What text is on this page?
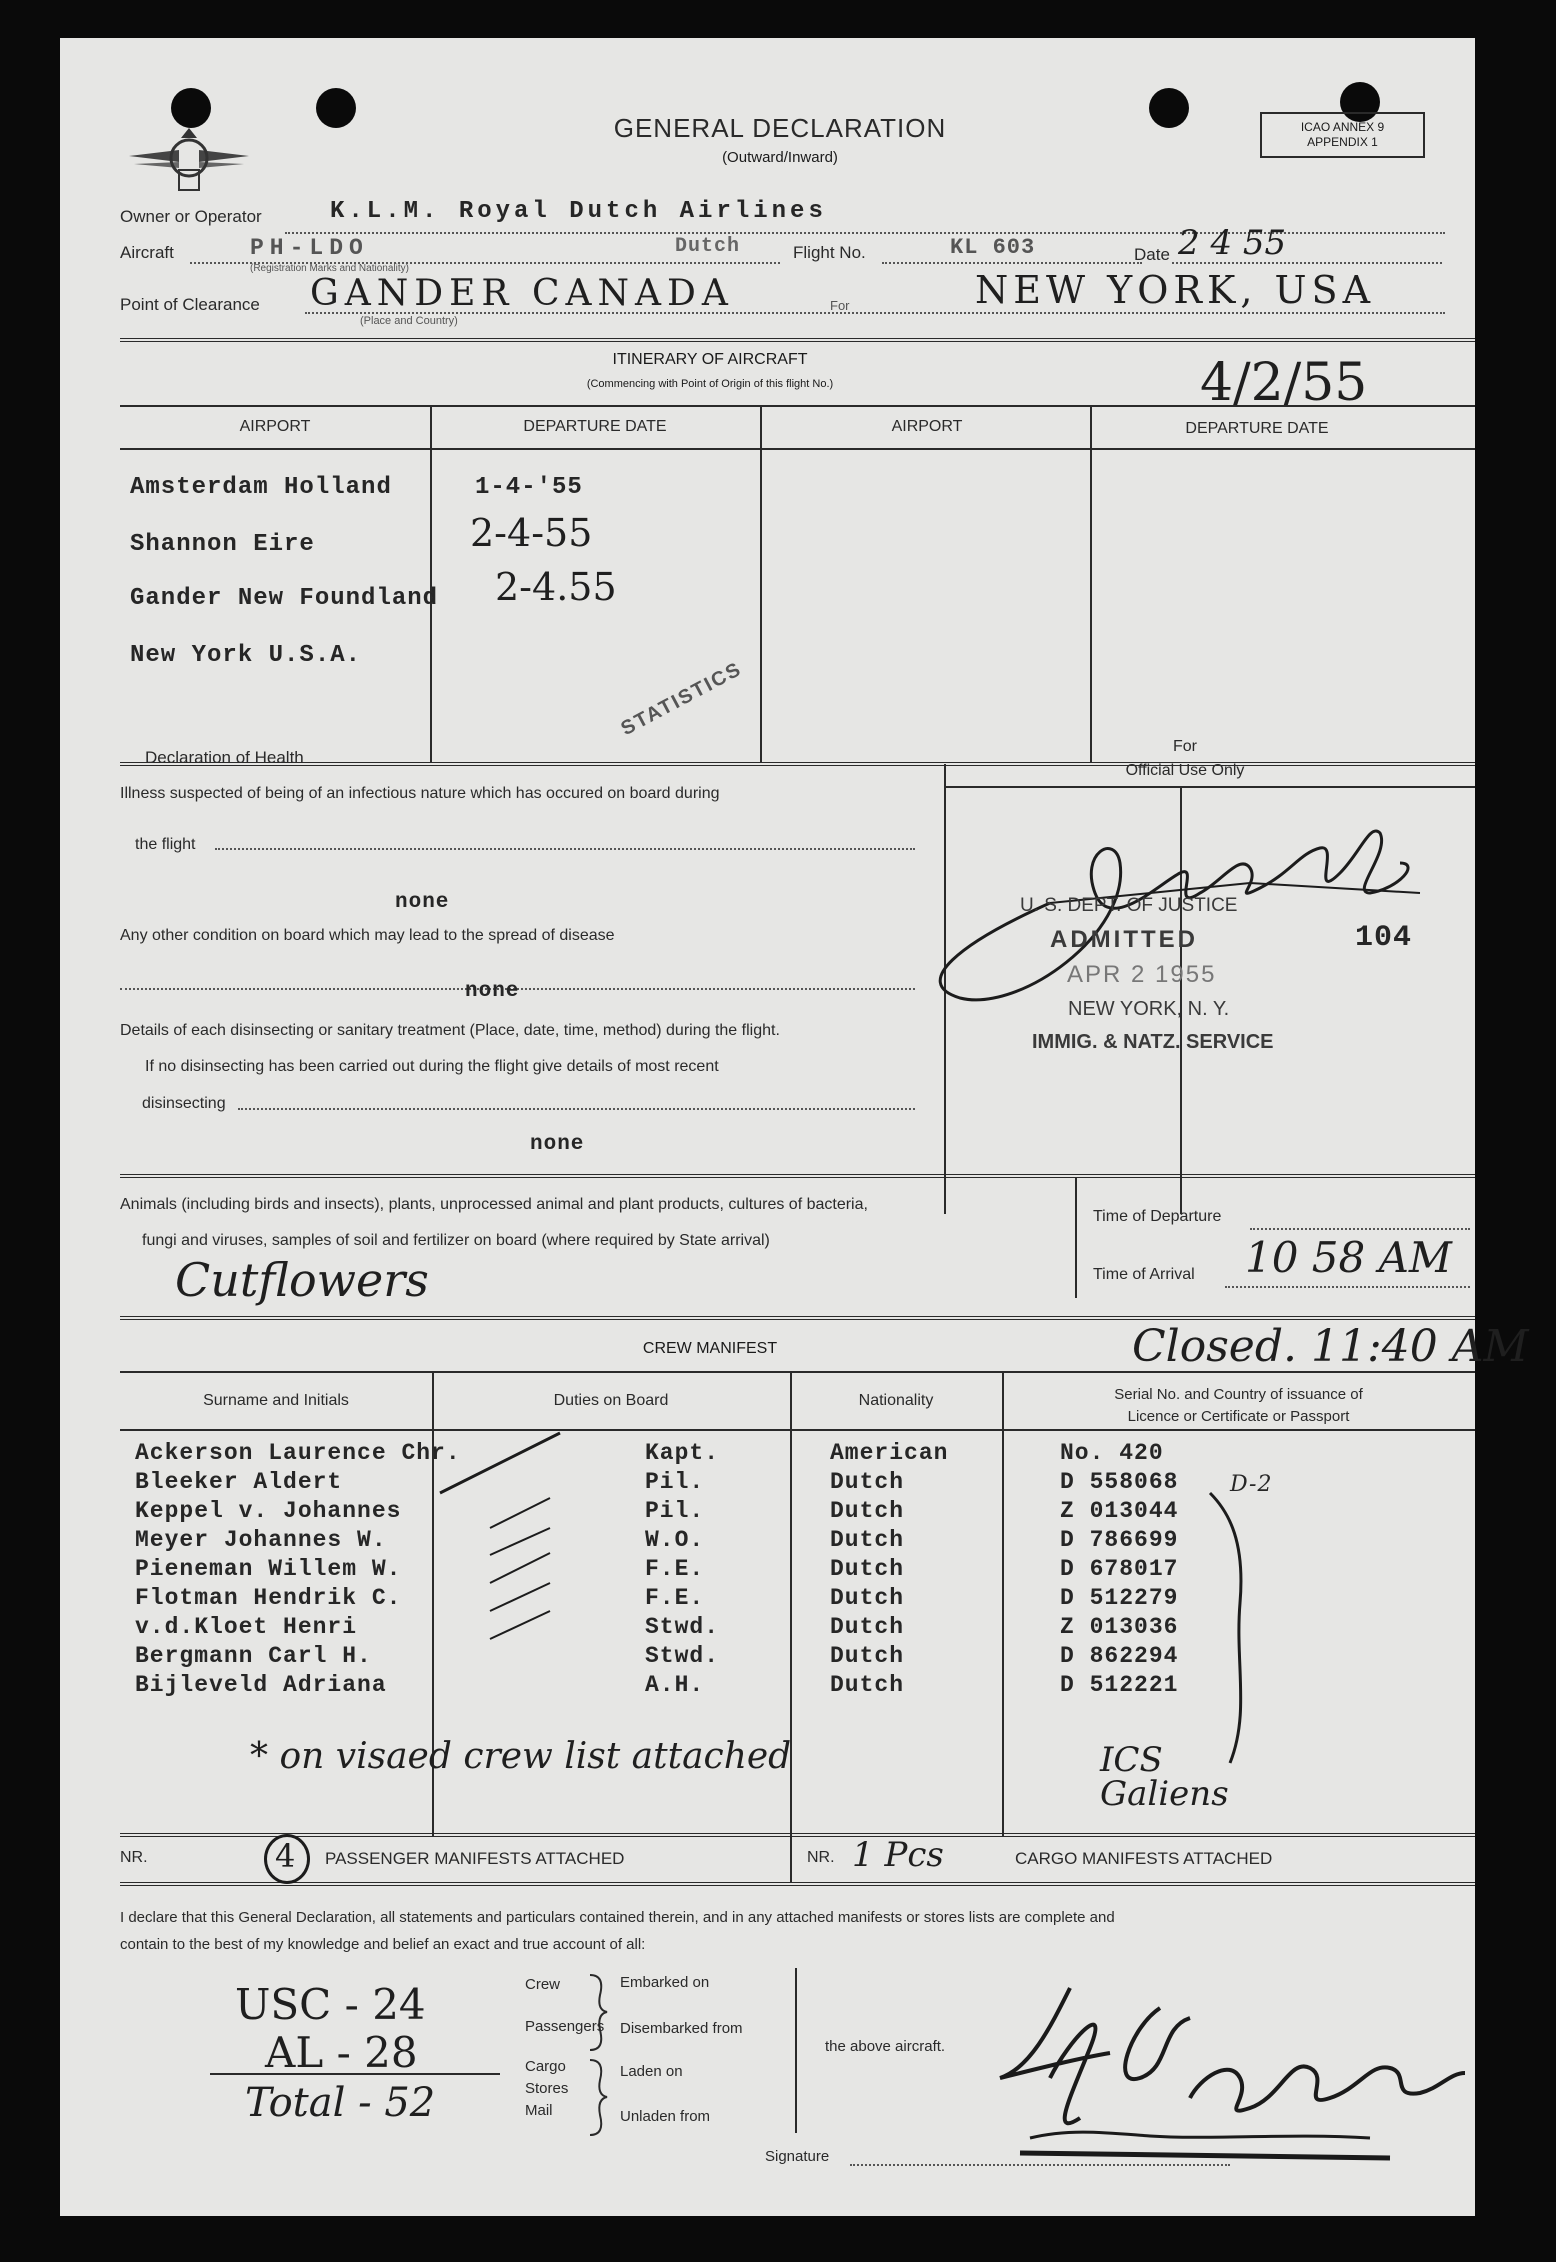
GENERAL DECLARATION
(Outward/Inward)
ICAO ANNEX 9
APPENDIX 1
Owner or Operator	K.L.M. Royal Dutch Airlines
Aircraft	PH-LDO	Dutch
(Registration Marks and Nationality)
Flight No.	KL 603	Date 2 4 55
Point of Clearance GANDER CANADA
(Place and Country)
For	NEW YORK, USA
ITINERARY OF AIRCRAFT
(Commencing with Point of Origin of this flight No.)	4/2/55
AIRPORT	DEPARTURE DATE	AIRPORT	DEPARTURE DATE
Amsterdam Holland	1-4-'55
Shannon Eire	2-4-55
Gander New Foundland 2-4.55
New York U.S.A.
STATISTICS
Declaration of Health
Illness suspected of being of an infectious nature which has occured on board during
the flight
none
Any other condition on board which may lead to the spread of disease
none
Details of each disinsecting or sanitary treatment (Place, date, time, method) during the flight.
If no disinsecting has been carried out during the flight give details of most recent
disinsecting
none
For
Official Use Only
U. S. DEPT. OF JUSTICE
ADMITTED
APR 2 1955
NEW YORK, N. Y.
IMMIG. & NATZ. SERVICE
104
Animals (including birds and insects), plants, unprocessed animal and plant products, cultures of bacteria,
fungi and viruses, samples of soil and fertilizer on board (where required by State arrival)
Cutflowers
Time of Departure
Time of Arrival 10 58 AM
CREW MANIFEST	Closed. 11:40 AM
Surname and Initials	Duties on Board	Nationality	Serial No. and Country of issuance of
Licence or Certificate or Passport
Ackerson Laurence Chr.	Kapt.	American	No. 420
Bleeker Aldert	Pil.	Dutch	D 558068
Keppel v. Johannes	Pil.	Dutch	Z 013044
Meyer Johannes W.	W.O.	Dutch	D 786699
Pieneman Willem W.	F.E.	Dutch	D 678017
Flotman Hendrik C.	F.E.	Dutch	D 512279
v.d.Kloet Henri	Stwd.	Dutch	Z 013036
Bergmann Carl H.	Stwd.	Dutch	D 862294
Bijleveld Adriana	A.H.	Dutch	D 512221
D-2
* on visaed crew list attached	ICS Galiens
NR.	4 PASSENGER MANIFESTS ATTACHED	NR. 1 Pcs	CARGO MANIFESTS ATTACHED
I declare that this General Declaration, all statements and particulars contained therein, and in any attached manifests or stores lists are complete and
contain to the best of my knowledge and belief an exact and true account of all:
USC - 24
AL - 28
Total - 52
Crew
Passengers
Cargo
Stores
Mail
Embarked on
Disembarked from
Laden on
Unladen from
the above aircraft.
Signature
